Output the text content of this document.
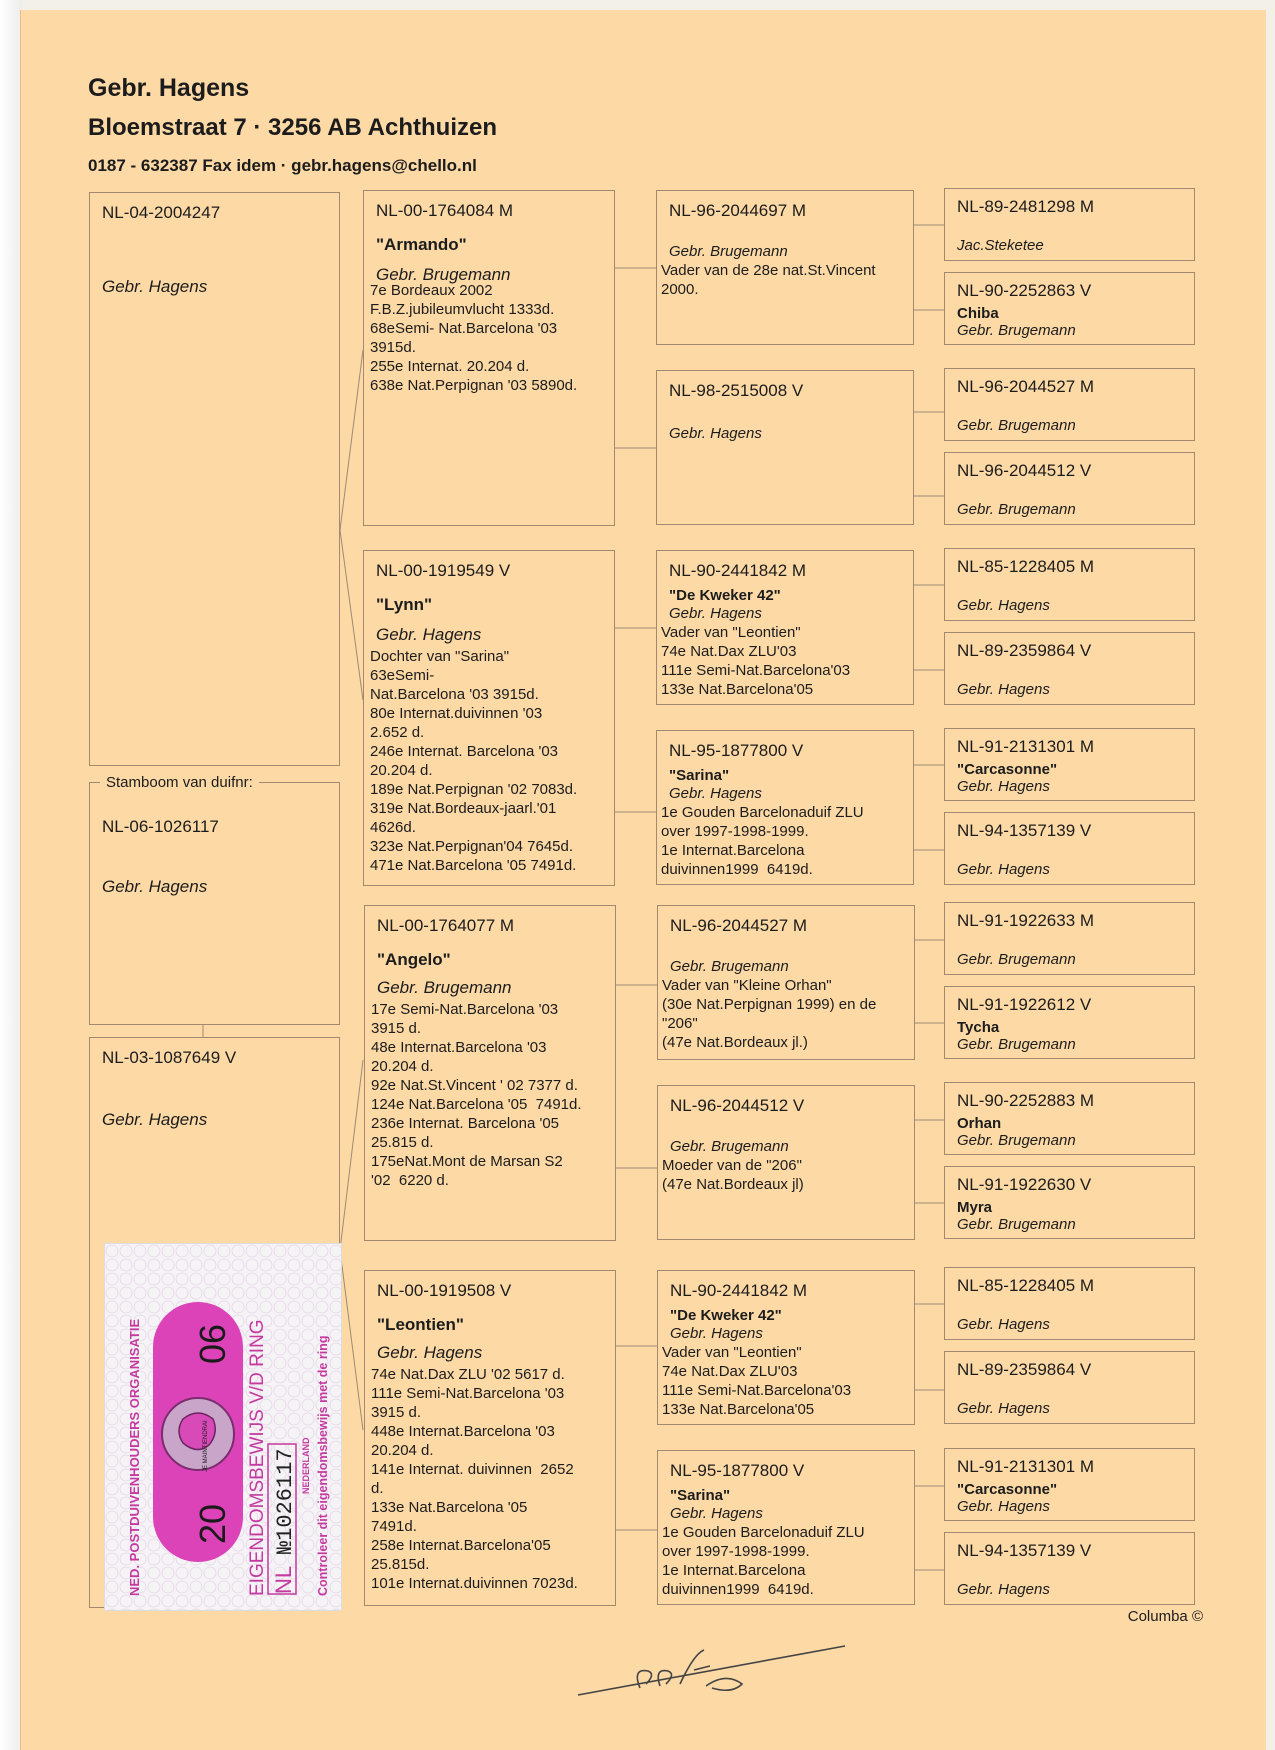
Gebr. Hagens
Bloemstraat 7 · 3256 AB Achthuizen
0187 - 632387 Fax idem · gebr.hagens@chello.nl
NL-04-2004247
Gebr. Hagens
NL-06-1026117
Gebr. Hagens
Stamboom van duifnr:
NL-03-1087649 V
Gebr. Hagens
NL-00-1764084 M
"Armando"
Gebr. Brugemann
7e Bordeaux 2002
F.B.Z.jubileumvlucht 1333d.
68eSemi- Nat.Barcelona '03
3915d.
255e Internat. 20.204 d.
638e Nat.Perpignan '03 5890d.
NL-00-1919549 V
"Lynn"
Gebr. Hagens
Dochter van "Sarina"
63eSemi-
Nat.Barcelona '03 3915d.
80e Internat.duivinnen '03
2.652 d.
246e Internat. Barcelona '03
20.204 d.
189e Nat.Perpignan '02 7083d.
319e Nat.Bordeaux-jaarl.'01
4626d.
323e Nat.Perpignan'04 7645d.
471e Nat.Barcelona '05 7491d.
NL-00-1764077 M
"Angelo"
Gebr. Brugemann
17e Semi-Nat.Barcelona '03
3915 d.
48e Internat.Barcelona '03
20.204 d.
92e Nat.St.Vincent ' 02 7377 d.
124e Nat.Barcelona '05  7491d.
236e Internat. Barcelona '05
25.815 d.
175eNat.Mont de Marsan S2
'02  6220 d.
NL-00-1919508 V
"Leontien"
Gebr. Hagens
74e Nat.Dax ZLU '02 5617 d.
111e Semi-Nat.Barcelona '03
3915 d.
448e Internat.Barcelona '03
20.204 d.
141e Internat. duivinnen  2652
d.
133e Nat.Barcelona '05
7491d.
258e Internat.Barcelona'05
25.815d.
101e Internat.duivinnen 7023d.
NL-96-2044697 M
Gebr. Brugemann
Vader van de 28e nat.St.Vincent
2000.
NL-98-2515008 V
Gebr. Hagens
NL-90-2441842 M
"De Kweker 42"
Gebr. Hagens
Vader van "Leontien"
74e Nat.Dax ZLU'03
111e Semi-Nat.Barcelona'03
133e Nat.Barcelona'05
NL-95-1877800 V
"Sarina"
Gebr. Hagens
1e Gouden Barcelonaduif ZLU
over 1997-1998-1999.
1e Internat.Barcelona
duivinnen1999  6419d.
NL-96-2044527 M
Gebr. Brugemann
Vader van "Kleine Orhan"
(30e Nat.Perpignan 1999) en de
"206"
(47e Nat.Bordeaux jl.)
NL-96-2044512 V
Gebr. Brugemann
Moeder van de "206"
(47e Nat.Bordeaux jl)
NL-90-2441842 M
"De Kweker 42"
Gebr. Hagens
Vader van "Leontien"
74e Nat.Dax ZLU'03
111e Semi-Nat.Barcelona'03
133e Nat.Barcelona'05
NL-95-1877800 V
"Sarina"
Gebr. Hagens
1e Gouden Barcelonaduif ZLU
over 1997-1998-1999.
1e Internat.Barcelona
duivinnen1999  6419d.
NL-89-2481298 M
Jac.Steketee
NL-90-2252863 V
Chiba
Gebr. Brugemann
NL-96-2044527 M
Gebr. Brugemann
NL-96-2044512 V
Gebr. Brugemann
NL-85-1228405 M
Gebr. Hagens
NL-89-2359864 V
Gebr. Hagens
NL-91-2131301 M
"Carcasonne"
Gebr. Hagens
NL-94-1357139 V
Gebr. Hagens
NL-91-1922633 M
Gebr. Brugemann
NL-91-1922612 V
Tycha
Gebr. Brugemann
NL-90-2252883 M
Orhan
Gebr. Brugemann
NL-91-1922630 V
Myra
Gebr. Brugemann
NL-85-1228405 M
Gebr. Hagens
NL-89-2359864 V
Gebr. Hagens
NL-91-2131301 M
"Carcasonne"
Gebr. Hagens
NL-94-1357139 V
Gebr. Hagens
NED. POSTDUIVENHOUDERS ORGANISATIE 20
06
JE MAINTIENDRAI EIGENDOMSBEWIJS V/D RING NL
№1026117 NEDERLAND Controleer dit eigendomsbewijs met de ring
Columba ©
